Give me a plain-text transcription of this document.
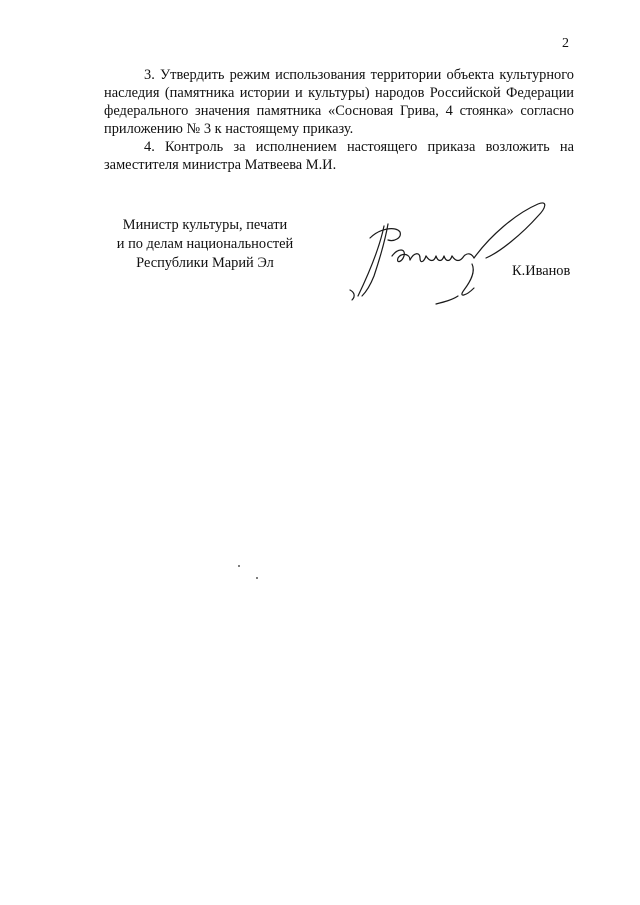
2

3. Утвердить режим использования территории объекта культурного наследия (памятника истории и культуры) народов Российской Федерации федерального значения памятника «Сосновая Грива, 4 стоянка» согласно приложению № 3 к настоящему приказу.

4. Контроль за исполнением настоящего приказа возложить на заместителя министра Матвеева М.И.

Министр культуры, печати
и по делам национальностей
Республики Марий Эл	К.Иванов
